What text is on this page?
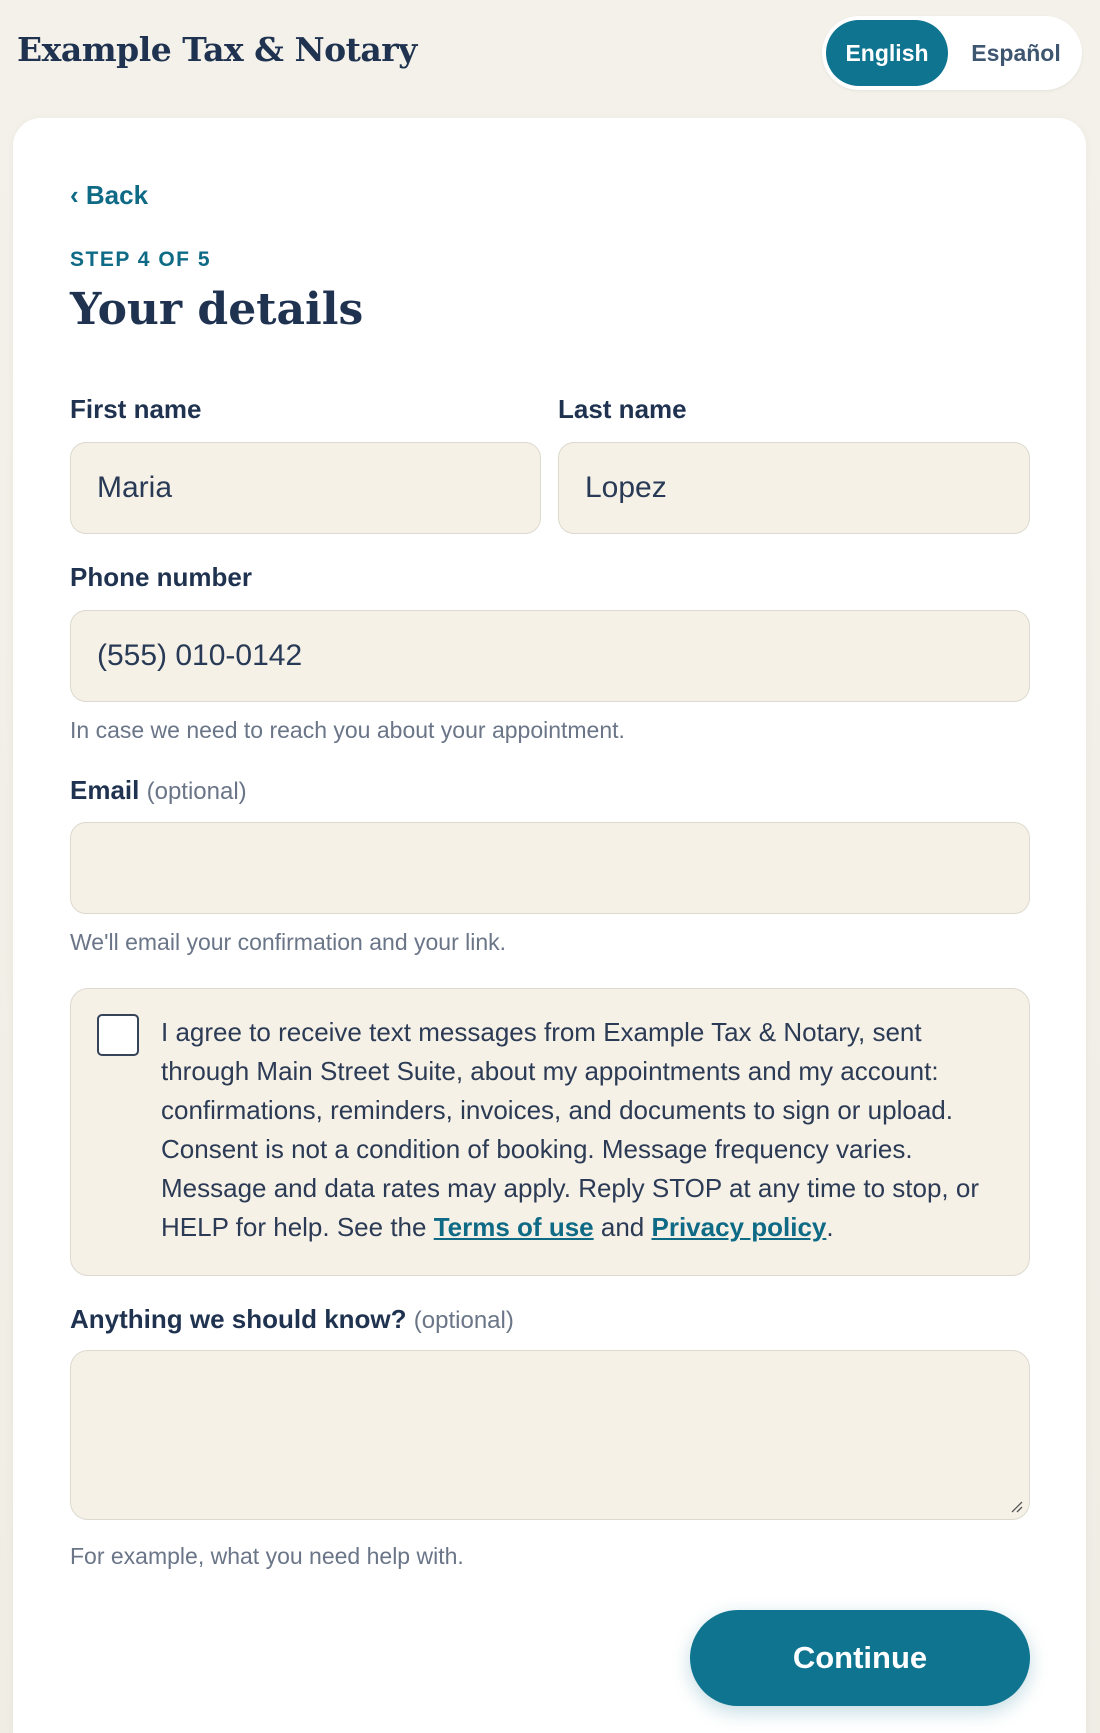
Example Tax & Notary	English	Español
‹ Back
STEP 4 OF 5
Your details
First name	Last name
Maria	Lopez
Phone number
(555) 010-0142
In case we need to reach you about your appointment.
Email (optional)
We'll email your confirmation and your link.
I agree to receive text messages from Example Tax & Notary, sent through Main Street Suite, about my appointments and my account: confirmations, reminders, invoices, and documents to sign or upload. Consent is not a condition of booking. Message frequency varies. Message and data rates may apply. Reply STOP at any time to stop, or HELP for help. See the Terms of use and Privacy policy.
Anything we should know? (optional)
For example, what you need help with.
Continue
